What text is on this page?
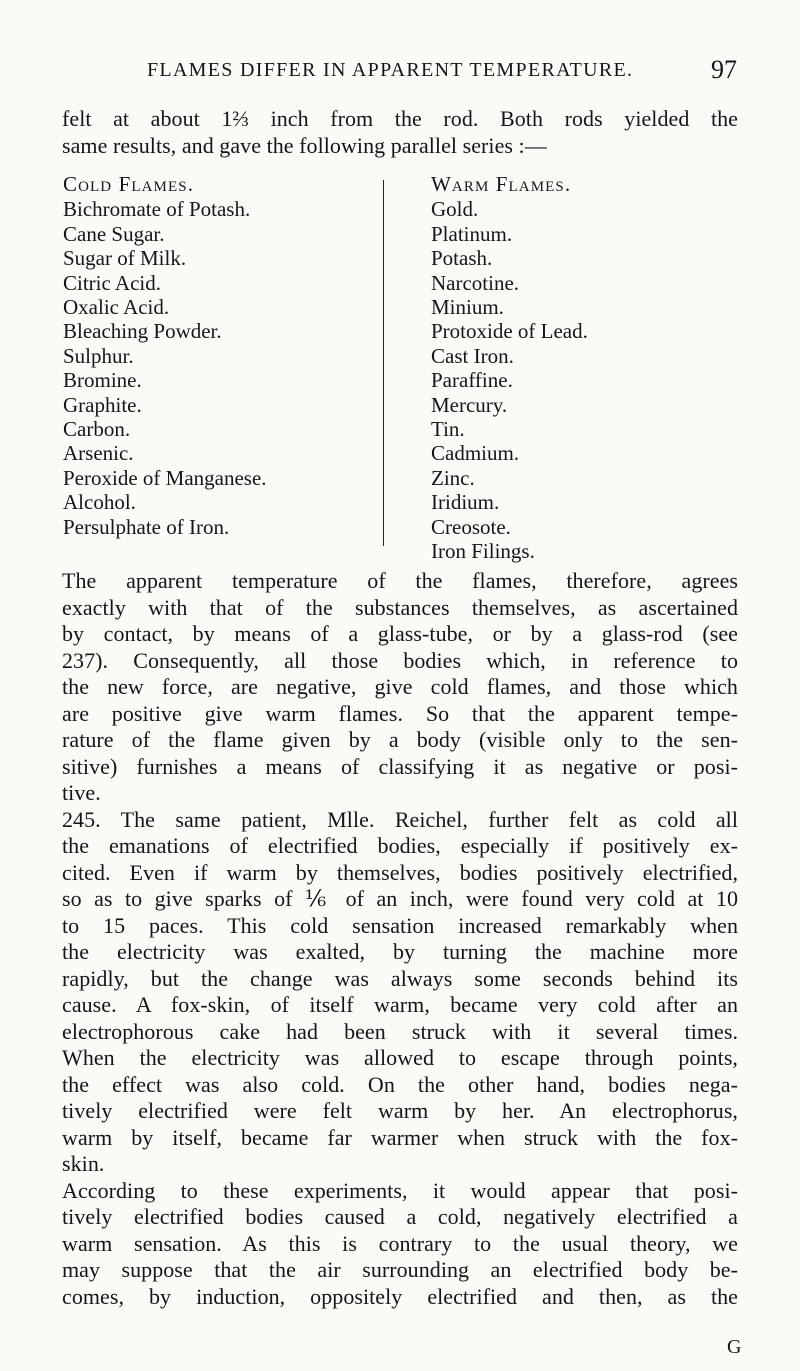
FLAMES DIFFER IN APPARENT TEMPERATURE.	97
felt at about 1⅔ inch from the rod. Both rods yielded the
same results, and gave the following parallel series :—
Cold Flames.
Bichromate of Potash.
Cane Sugar.
Sugar of Milk.
Citric Acid.
Oxalic Acid.
Bleaching Powder.
Sulphur.
Bromine.
Graphite.
Carbon.
Arsenic.
Peroxide of Manganese.
Alcohol.
Persulphate of Iron.
Warm Flames.
Gold.
Platinum.
Potash.
Narcotine.
Minium.
Protoxide of Lead.
Cast Iron.
Paraffine.
Mercury.
Tin.
Cadmium.
Zinc.
Iridium.
Creosote.
Iron Filings.
The apparent temperature of the flames, therefore, agrees
exactly with that of the substances themselves, as ascertained
by contact, by means of a glass-tube, or by a glass-rod (see
237). Consequently, all those bodies which, in reference to
the new force, are negative, give cold flames, and those which
are positive give warm flames. So that the apparent tempe-
rature of the flame given by a body (visible only to the sen-
sitive) furnishes a means of classifying it as negative or posi-
tive.
245. The same patient, Mlle. Reichel, further felt as cold all
the emanations of electrified bodies, especially if positively ex-
cited. Even if warm by themselves, bodies positively electrified,
so as to give sparks of ⅙ of an inch, were found very cold at 10
to 15 paces. This cold sensation increased remarkably when
the electricity was exalted, by turning the machine more
rapidly, but the change was always some seconds behind its
cause. A fox-skin, of itself warm, became very cold after an
electrophorous cake had been struck with it several times.
When the electricity was allowed to escape through points,
the effect was also cold. On the other hand, bodies nega-
tively electrified were felt warm by her. An electrophorus,
warm by itself, became far warmer when struck with the fox-
skin.
According to these experiments, it would appear that posi-
tively electrified bodies caused a cold, negatively electrified a
warm sensation. As this is contrary to the usual theory, we
may suppose that the air surrounding an electrified body be-
comes, by induction, oppositely electrified and then, as the
G
